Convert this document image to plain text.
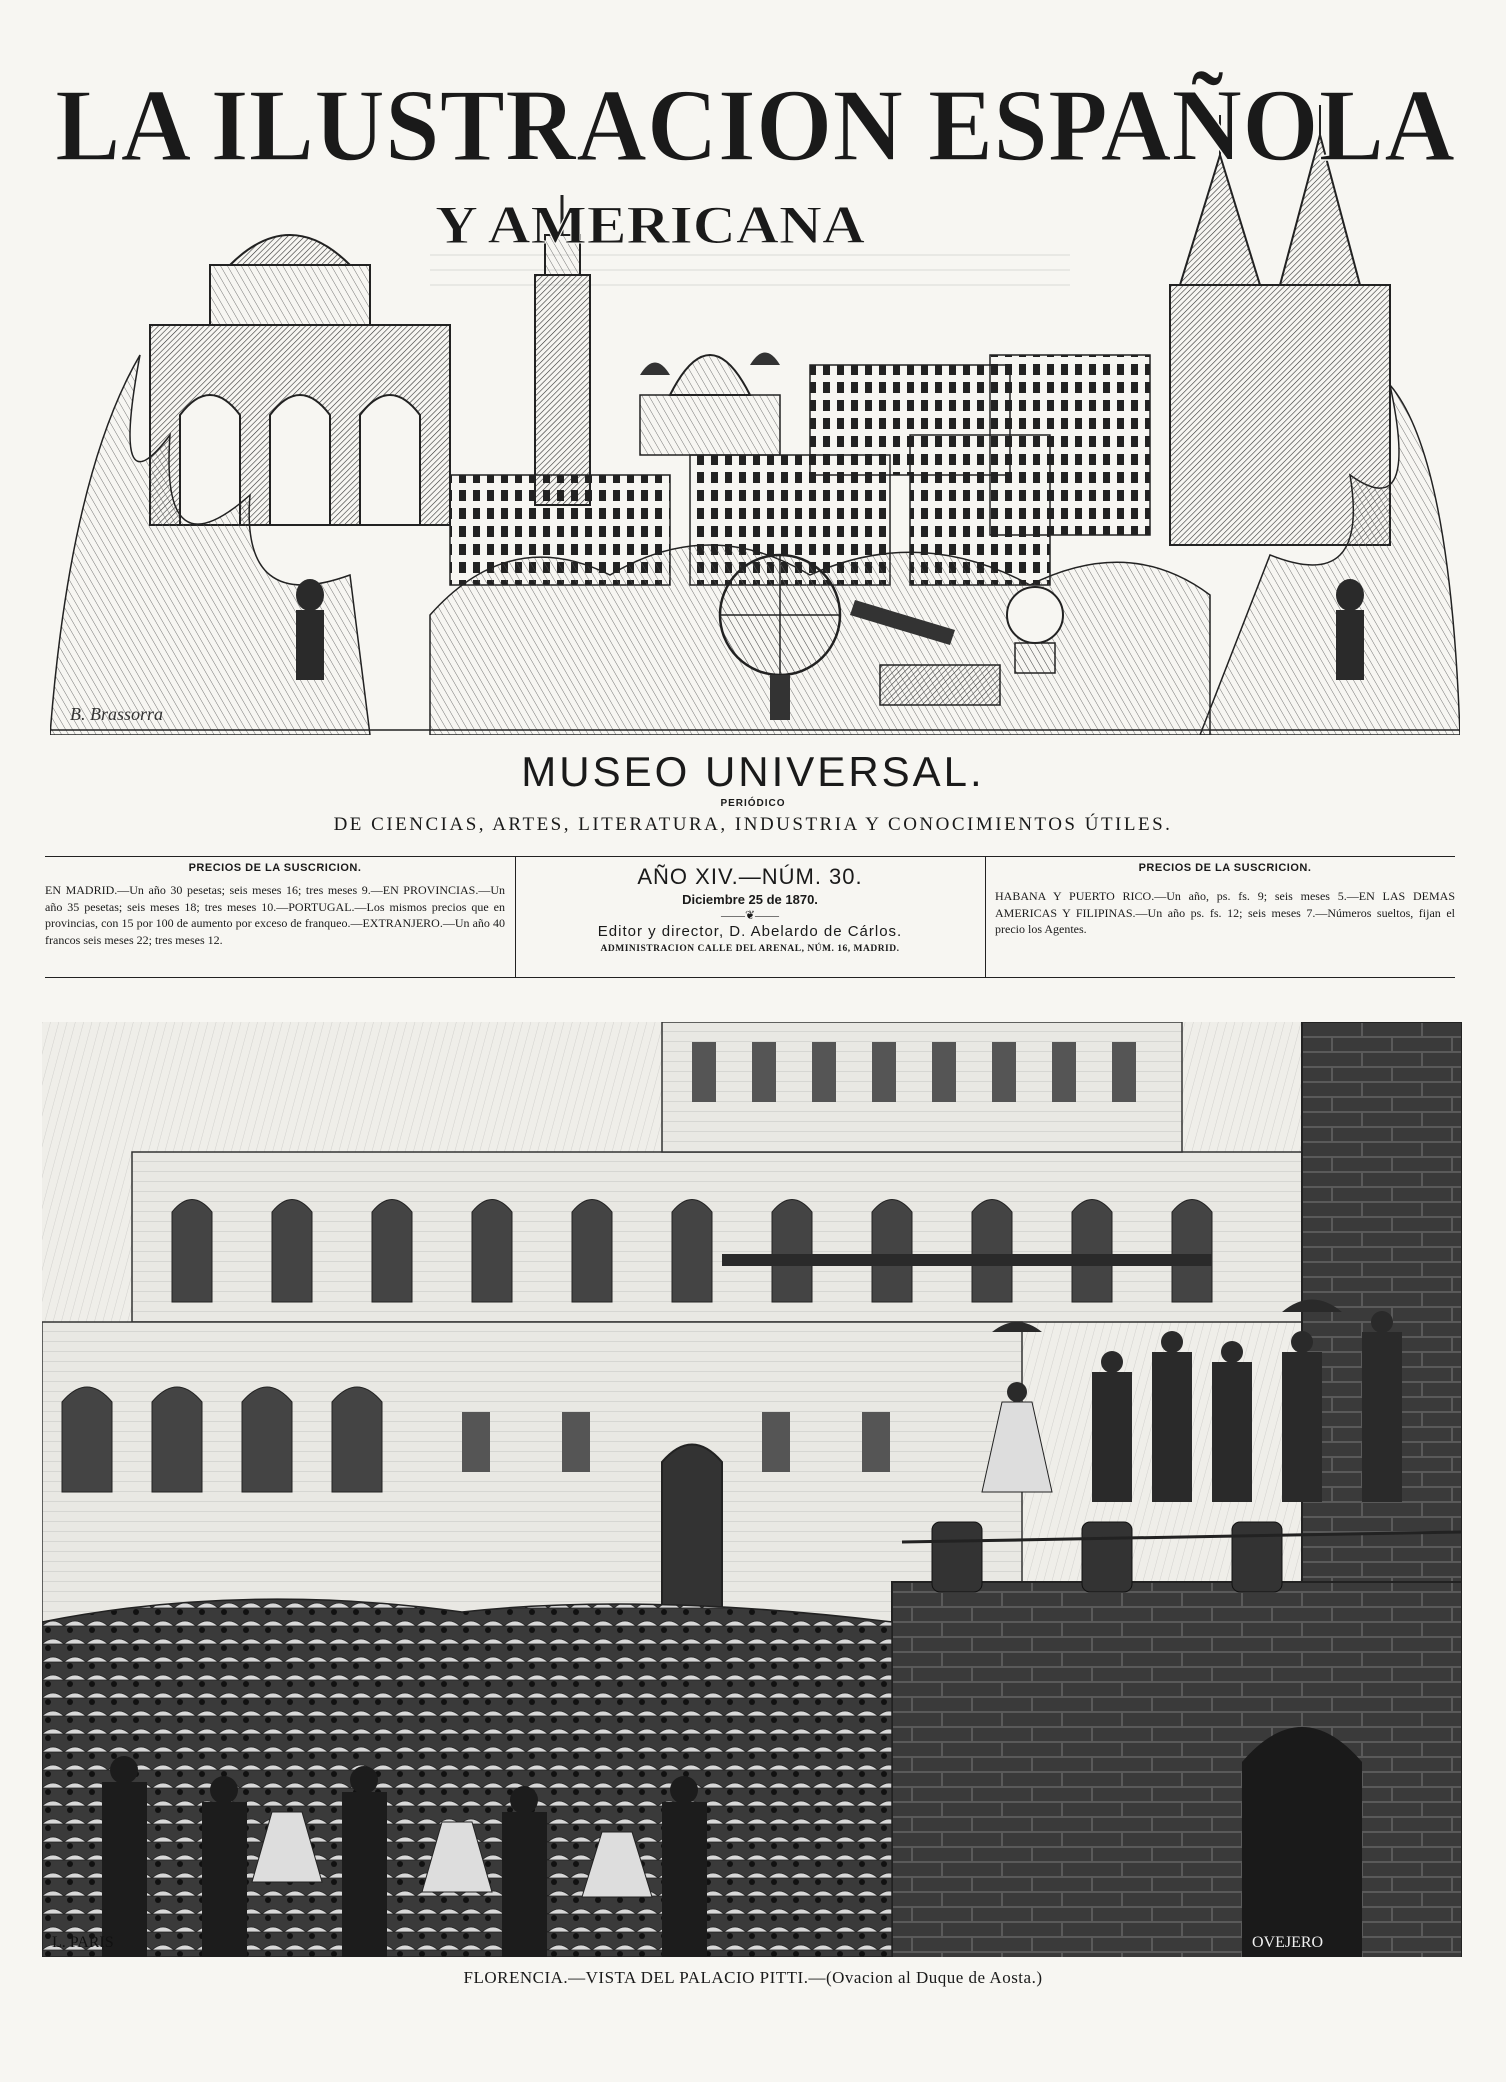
LA ILUSTRACION ESPAÑOLA
Y AMERICANA
B. Brassorra
MUSEO UNIVERSAL.
PERIÓDICO
DE CIENCIAS, ARTES, LITERATURA, INDUSTRIA Y CONOCIMIENTOS ÚTILES.
PRECIOS DE LA SUSCRICION.
EN MADRID.—Un año 30 pesetas; seis meses 16; tres meses 9.—EN PROVINCIAS.—Un año 35 pesetas; seis meses 18; tres meses 10.—PORTUGAL.—Los mismos precios que en provincias, con 15 por 100 de aumento por exceso de franqueo.—EXTRANJERO.—Un año 40 francos seis meses 22; tres meses 12.
AÑO XIV.—NÚM. 30.
Diciembre 25 de 1870.
——❦——
Editor y director, D. Abelardo de Cárlos.
ADMINISTRACION CALLE DEL ARENAL, NÚM. 16, MADRID.
PRECIOS DE LA SUSCRICION.
HABANA Y PUERTO RICO.—Un año, ps. fs. 9; seis meses 5.—EN LAS DEMAS AMERICAS Y FILIPINAS.—Un año ps. fs. 12; seis meses 7.—Números sueltos, fijan el precio los Agentes.
L. PARIS	OVEJERO
FLORENCIA.—VISTA DEL PALACIO PITTI.—(Ovacion al Duque de Aosta.)
